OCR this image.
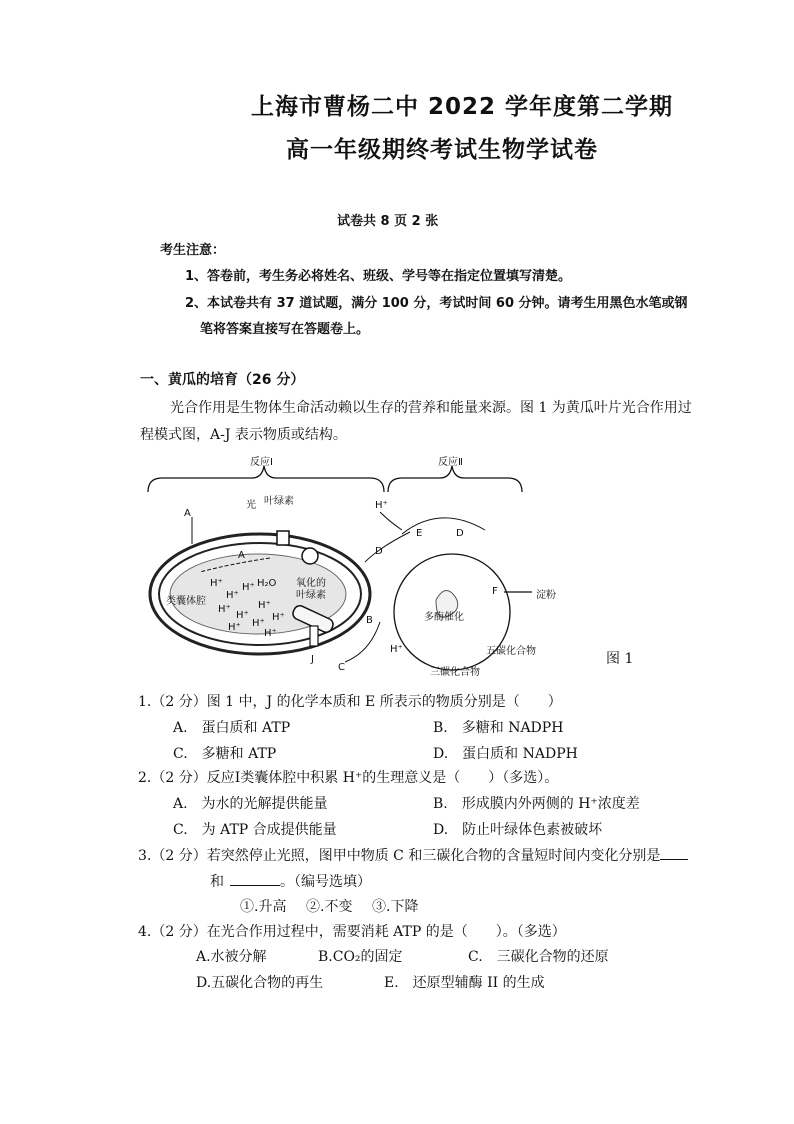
上海市曹杨二中 2022 学年度第二学期
高一年级期终考试生物学试卷
试卷共 8 页 2 张
考生注意：
1、答卷前，考生务必将姓名、班级、学号等在指定位置填写清楚。
2、本试卷共有 37 道试题，满分 100 分，考试时间 60 分钟。请考生用黑色水笔或钢
笔将答案直接写在答题卷上。
一、黄瓜的培育（26 分）
光合作用是生物体生命活动赖以生存的营养和能量来源。图 1 为黄瓜叶片光合作用过
程模式图，A-J 表示物质或结构。
反应Ⅰ	反应Ⅱ
光 叶绿素
A
A
类囊体腔
H₂O 氧化的
叶绿素
H⁺
D
E	D
F	淀粉
多酶催化
五碳化合物
三碳化合物
B
C
J
H⁺
H⁺
H⁺
H⁺
H⁺
H⁺
H⁺
H⁺
H⁺
H⁺
H⁺
图 1
1.（2 分）图 1 中，J 的化学本质和 E 所表示的物质分别是（　　）
A.　蛋白质和 ATP	B.　多糖和 NADPH
C.　多糖和 ATP	D.　蛋白质和 NADPH
2.（2 分）反应Ⅰ类囊体腔中积累 H⁺的生理意义是（　　）（多选）。
A.　为水的光解提供能量	B.　形成膜内外两侧的 H⁺浓度差
C.　为 ATP 合成提供能量	D.　防止叶绿体色素被破坏
3.（2 分）若突然停止光照，图甲中物质 C 和三碳化合物的含量短时间内变化分别是
和	。（编号选填）
①.升高 ②.不变 ③.下降
4.（2 分）在光合作用过程中，需要消耗 ATP 的是（　　）。（多选）
A.水被分解	B.CO₂的固定	C.　三碳化合物的还原
D.五碳化合物的再生	E.　还原型辅酶 II 的生成
